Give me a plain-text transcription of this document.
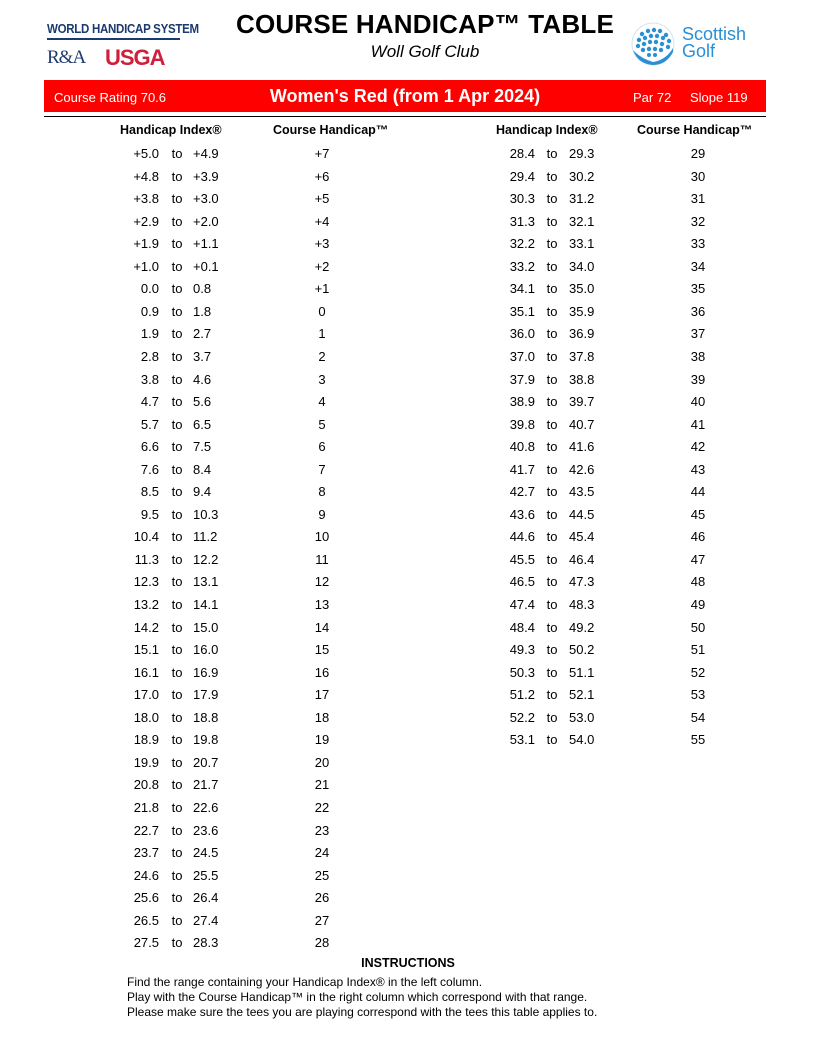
WORLD HANDICAP SYSTEM
R&A USGA
COURSE HANDICAP™ TABLE
Woll Golf Club
Scottish
Golf
Course Rating 70.6	Women's Red (from 1 Apr 2024)	Par 72 Slope 119
Handicap Index®	Course Handicap™	Handicap Index®	Course Handicap™
+5.0 to +4.9	+7
+4.8 to +3.9	+6
+3.8 to +3.0	+5
+2.9 to +2.0	+4
+1.9 to +1.1	+3
+1.0 to +0.1	+2
0.0 to 0.8	+1
0.9 to 1.8	0
1.9 to 2.7	1
2.8 to 3.7	2
3.8 to 4.6	3
4.7 to 5.6	4
5.7 to 6.5	5
6.6 to 7.5	6
7.6 to 8.4	7
8.5 to 9.4	8
9.5 to 10.3	9
10.4 to 11.2	10
11.3 to 12.2	11
12.3 to 13.1	12
13.2 to 14.1	13
14.2 to 15.0	14
15.1 to 16.0	15
16.1 to 16.9	16
17.0 to 17.9	17
18.0 to 18.8	18
18.9 to 19.8	19
19.9 to 20.7	20
20.8 to 21.7	21
21.8 to 22.6	22
22.7 to 23.6	23
23.7 to 24.5	24
24.6 to 25.5	25
25.6 to 26.4	26
26.5 to 27.4	27
27.5 to 28.3	28
28.4 to 29.3	29
29.4 to 30.2	30
30.3 to 31.2	31
31.3 to 32.1	32
32.2 to 33.1	33
33.2 to 34.0	34
34.1 to 35.0	35
35.1 to 35.9	36
36.0 to 36.9	37
37.0 to 37.8	38
37.9 to 38.8	39
38.9 to 39.7	40
39.8 to 40.7	41
40.8 to 41.6	42
41.7 to 42.6	43
42.7 to 43.5	44
43.6 to 44.5	45
44.6 to 45.4	46
45.5 to 46.4	47
46.5 to 47.3	48
47.4 to 48.3	49
48.4 to 49.2	50
49.3 to 50.2	51
50.3 to 51.1	52
51.2 to 52.1	53
52.2 to 53.0	54
53.1 to 54.0	55
INSTRUCTIONS
Find the range containing your Handicap Index® in the left column.
Play with the Course Handicap™ in the right column which correspond with that range.
Please make sure the tees you are playing correspond with the tees this table applies to.
